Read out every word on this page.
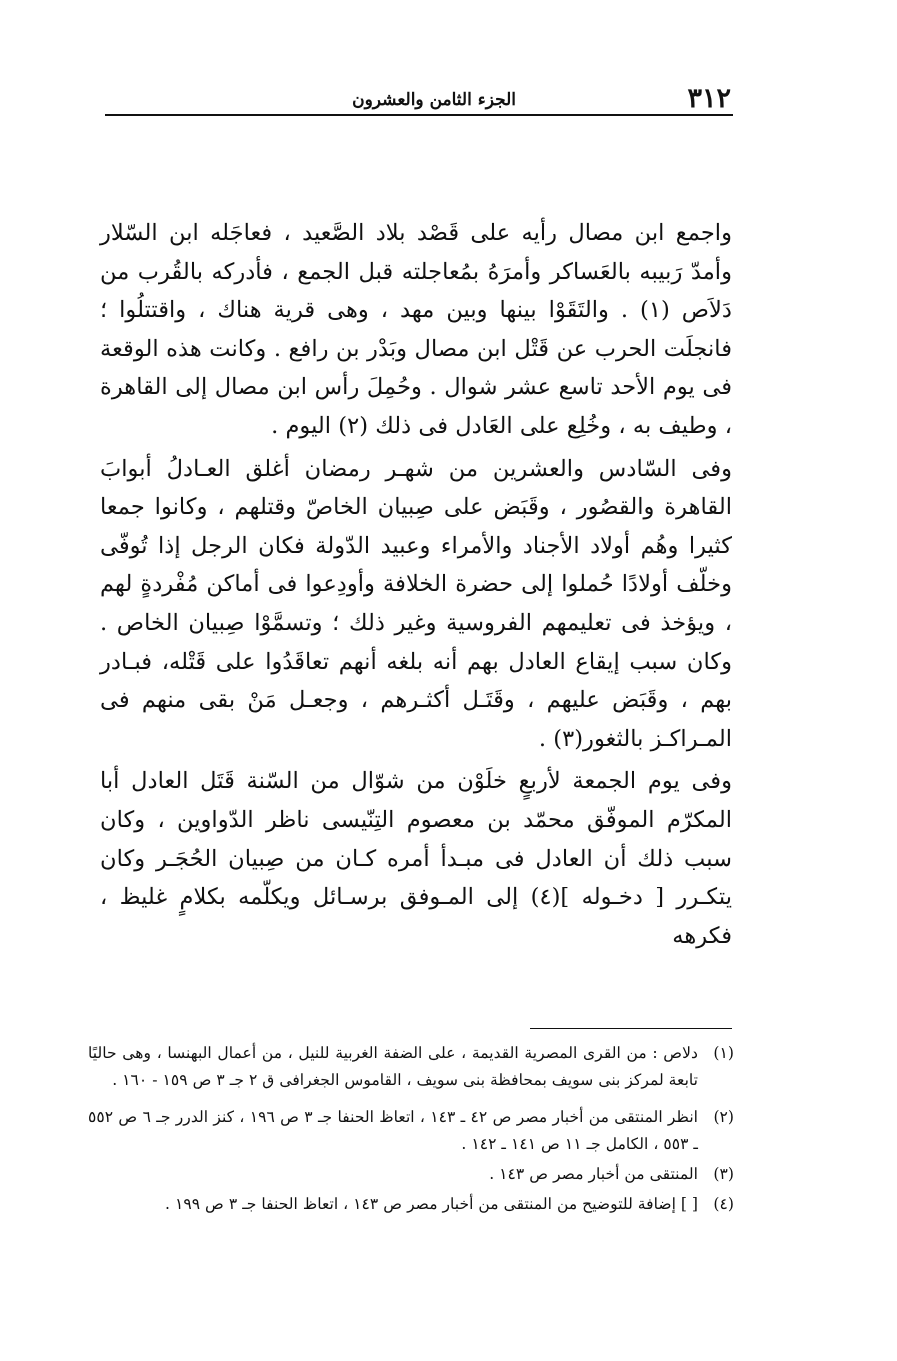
٣١٢
الجزء الثامن والعشرون

واجمع ابن مصال رأيه على قَصْد بلاد الصَّعيد ، فعاجَله ابن السّلار وأمدّ رَبيبه بالعَساكر وأمرَهُ بمُعاجلته قبل الجمع ، فأدركه بالقُرب من دَلاَص (١) . والتَقَوْا بينها وبين مهد ، وهى قرية هناك ، واقتتلُوا ؛ فانجلَت الحرب عن قَتْل ابن مصال وبَدْر بن رافع . وكانت هذه الوقعة فى يوم الأحد تاسع عشر شوال . وحُمِلَ رأس ابن مصال إلى القاهرة ، وطيف به ، وخُلِع على العَادل فى ذلك (٢) اليوم .

وفى السّادس والعشرين من شهـر رمضان أغلق العـادلُ أبوابَ القاهرة والقصُور ، وقَبَض على صِبيان الخاصّ وقتلهم ، وكانوا جمعا كثيرا وهُم أولاد الأجناد والأمراء وعبيد الدّولة فكان الرجل إذا تُوفّى وخلّف أولادًا حُملوا إلى حضرة الخلافة وأودِعوا فى أماكن مُفْردةٍ لهم ، ويؤخذ فى تعليمهم الفروسية وغير ذلك ؛ وتسمَّوْا صِبيان الخاص . وكان سبب إيقاع العادل بهم أنه بلغه أنهم تعاقَدُوا على قَتْله، فبـادر بهم ، وقَبَض عليهم ، وقَتَـل أكثـرهم ، وجعـل مَنْ بقى منهم فى المـراكـز بالثغور(٣) .

وفى يوم الجمعة لأربعٍ خلَوْن من شوّال من السّنة قَتَل العادل أبا المكرّم الموفّق محمّد بن معصوم التِنّيسى ناظر الدّواوين ، وكان سبب ذلك أن العادل فى مبـدأ أمره كـان من صِبيان الحُجَـر وكان يتكـرر [ دخـوله ](٤) إلى المـوفق برسـائل ويكلّمه بكلامٍ غليظ ، فكرهه

(١)دلاص : من القرى المصرية القديمة ، على الضفة الغربية للنيل ، من أعمال البهنسا ، وهى حاليًا تابعة لمركز بنى سويف بمحافظة بنى سويف ، القاموس الجغرافى ق ٢ جـ ٣ ص ١٥٩ - ١٦٠ .

(٢)انظر المنتقى من أخبار مصر ص ٤٢ ـ ١٤٣ ، اتعاظ الحنفا جـ ٣ ص ١٩٦ ، كنز الدرر جـ ٦ ص ٥٥٢ ـ ٥٥٣ ، الكامل جـ ١١ ص ١٤١ ـ ١٤٢ .

(٣)المنتقى من أخبار مصر ص ١٤٣ .

(٤)[ ] إضافة للتوضيح من المنتقى من أخبار مصر ص ١٤٣ ، اتعاظ الحنفا جـ ٣ ص ١٩٩ .
